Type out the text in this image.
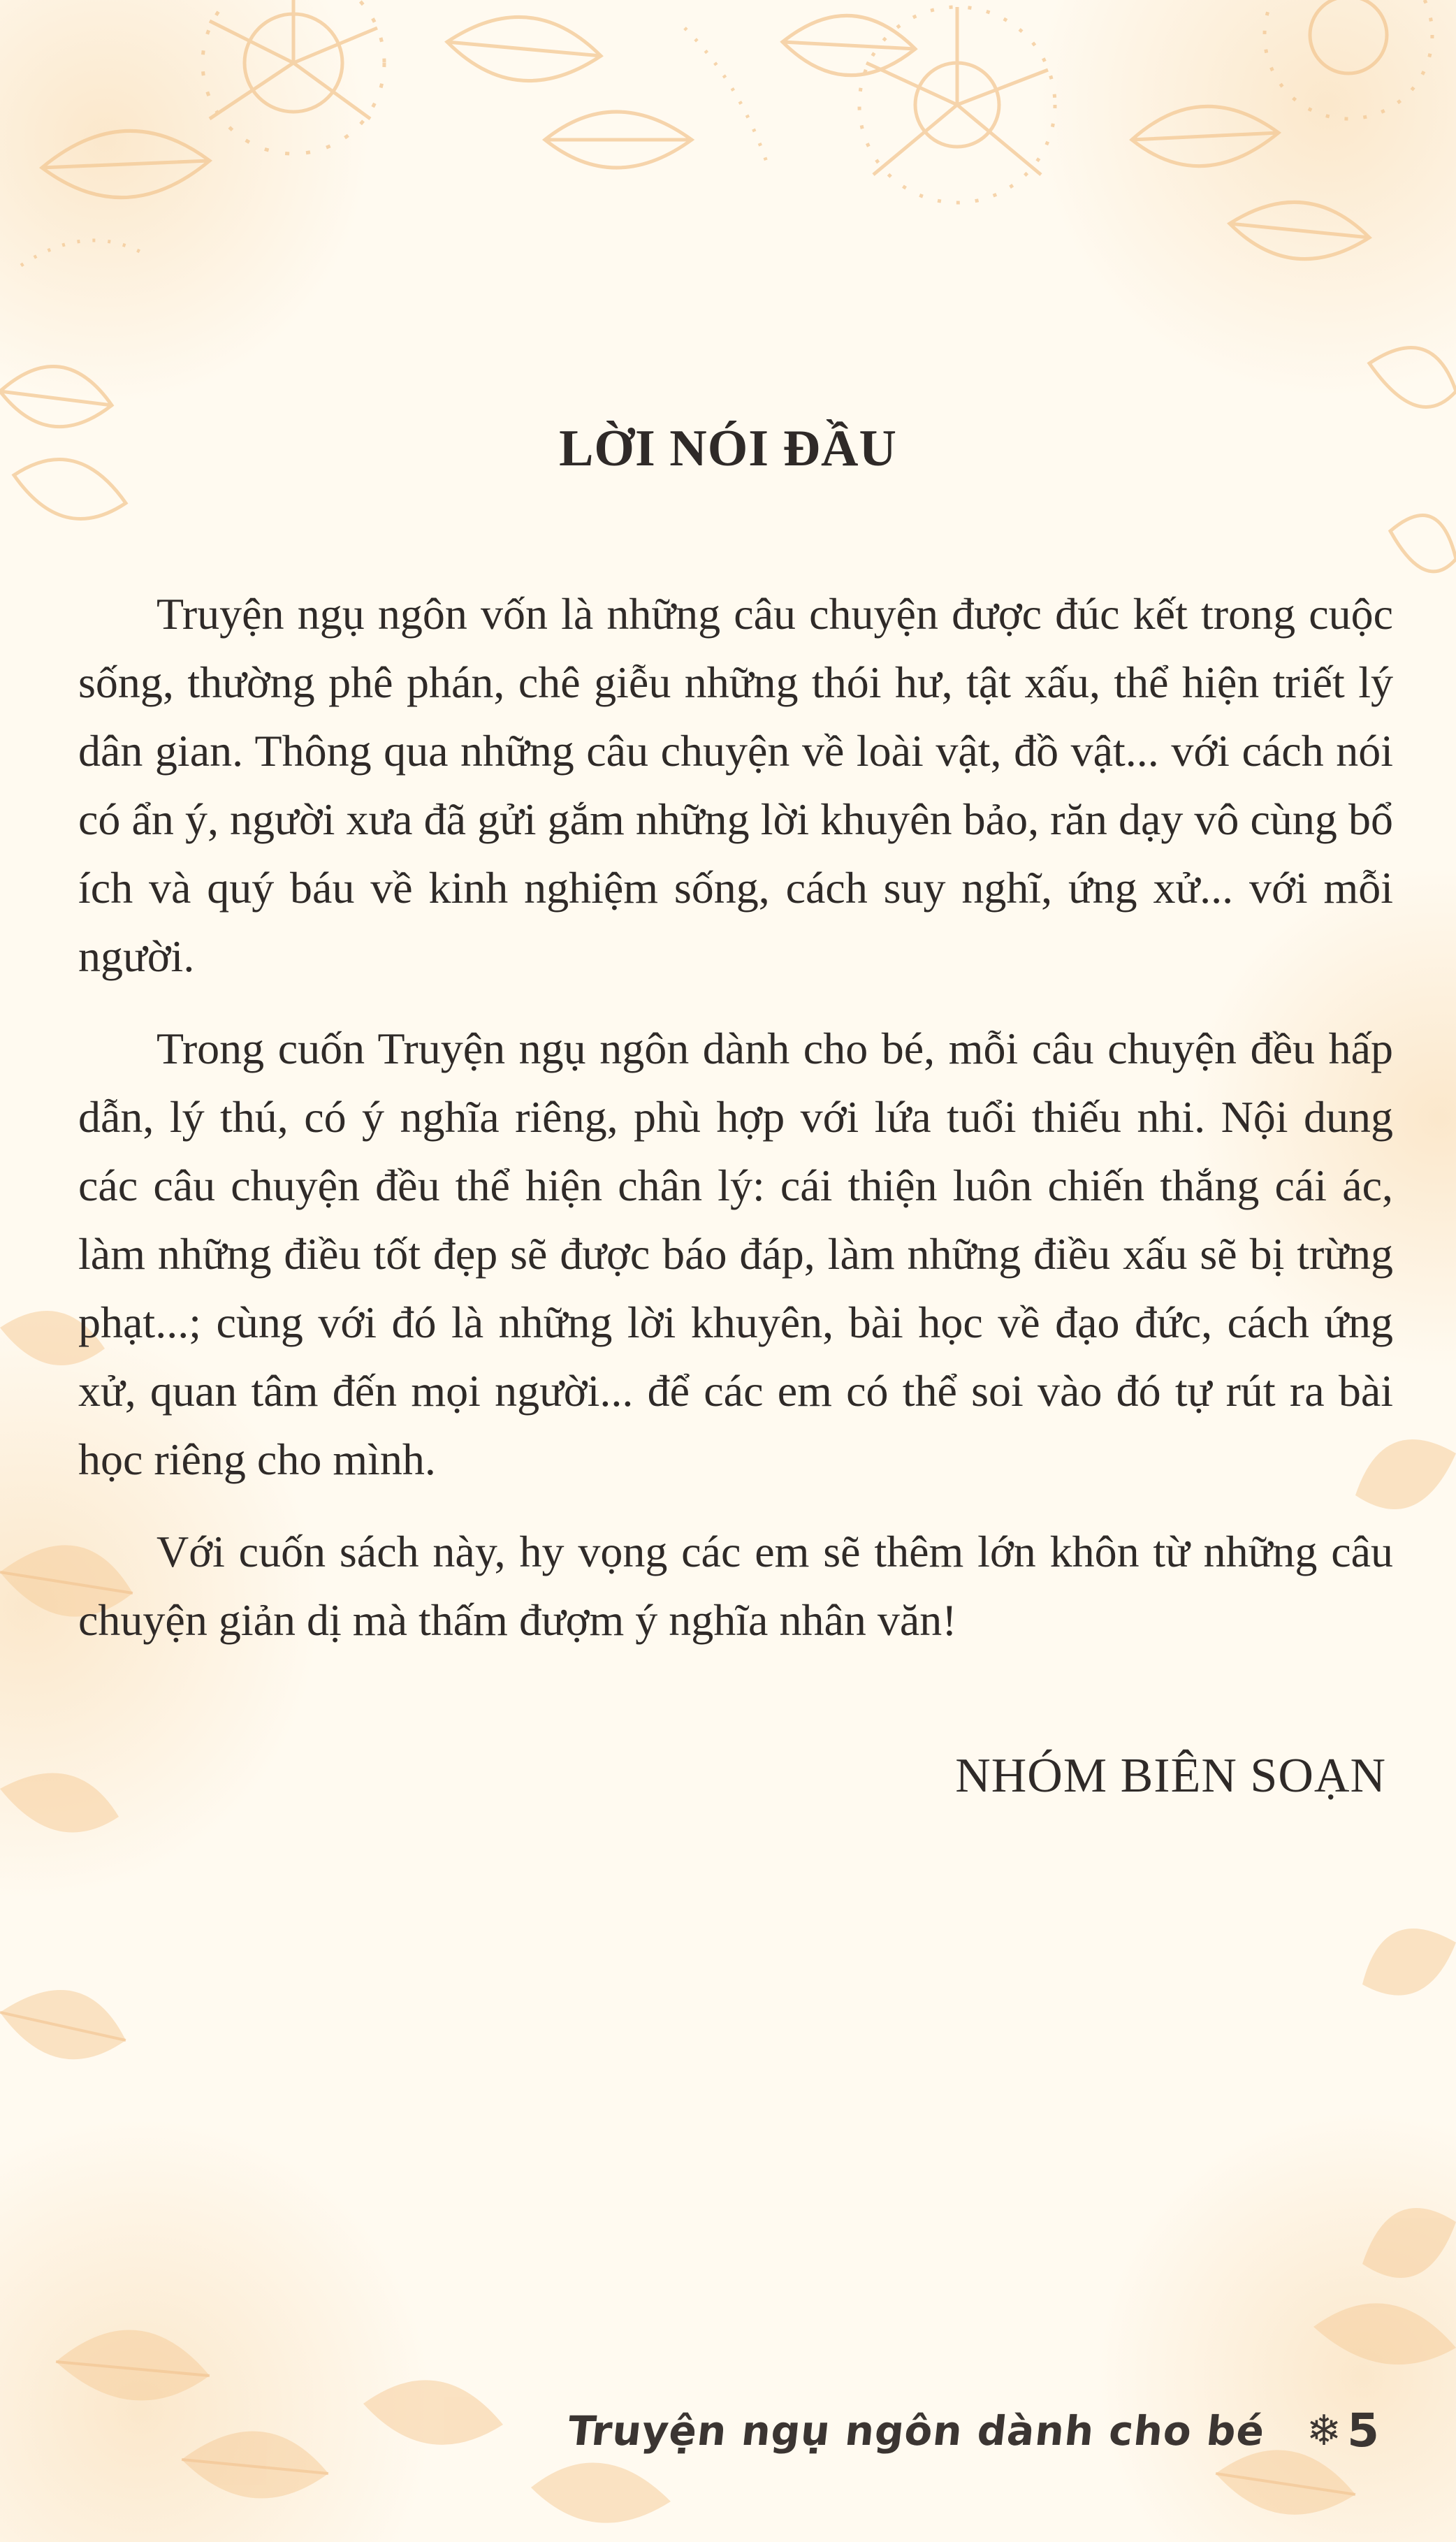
LỜI NÓI ĐẦU

Truyện ngụ ngôn vốn là những câu chuyện được đúc kết trong cuộc sống, thường phê phán, chê giễu những thói hư, tật xấu, thể hiện triết lý dân gian. Thông qua những câu chuyện về loài vật, đồ vật... với cách nói có ẩn ý, người xưa đã gửi gắm những lời khuyên bảo, răn dạy vô cùng bổ ích và quý báu về kinh nghiệm sống, cách suy nghĩ, ứng xử... với mỗi người.

Trong cuốn Truyện ngụ ngôn dành cho bé, mỗi câu chuyện đều hấp dẫn, lý thú, có ý nghĩa riêng, phù hợp với lứa tuổi thiếu nhi. Nội dung các câu chuyện đều thể hiện chân lý: cái thiện luôn chiến thắng cái ác, làm những điều tốt đẹp sẽ được báo đáp, làm những điều xấu sẽ bị trừng phạt...; cùng với đó là những lời khuyên, bài học về đạo đức, cách ứng xử, quan tâm đến mọi người... để các em có thể soi vào đó tự rút ra bài học riêng cho mình.

Với cuốn sách này, hy vọng các em sẽ thêm lớn khôn từ những câu chuyện giản dị mà thấm đượm ý nghĩa nhân văn!

NHÓM BIÊN SOẠN
Truyện ngụ ngôn dành cho bé ❄ 5
